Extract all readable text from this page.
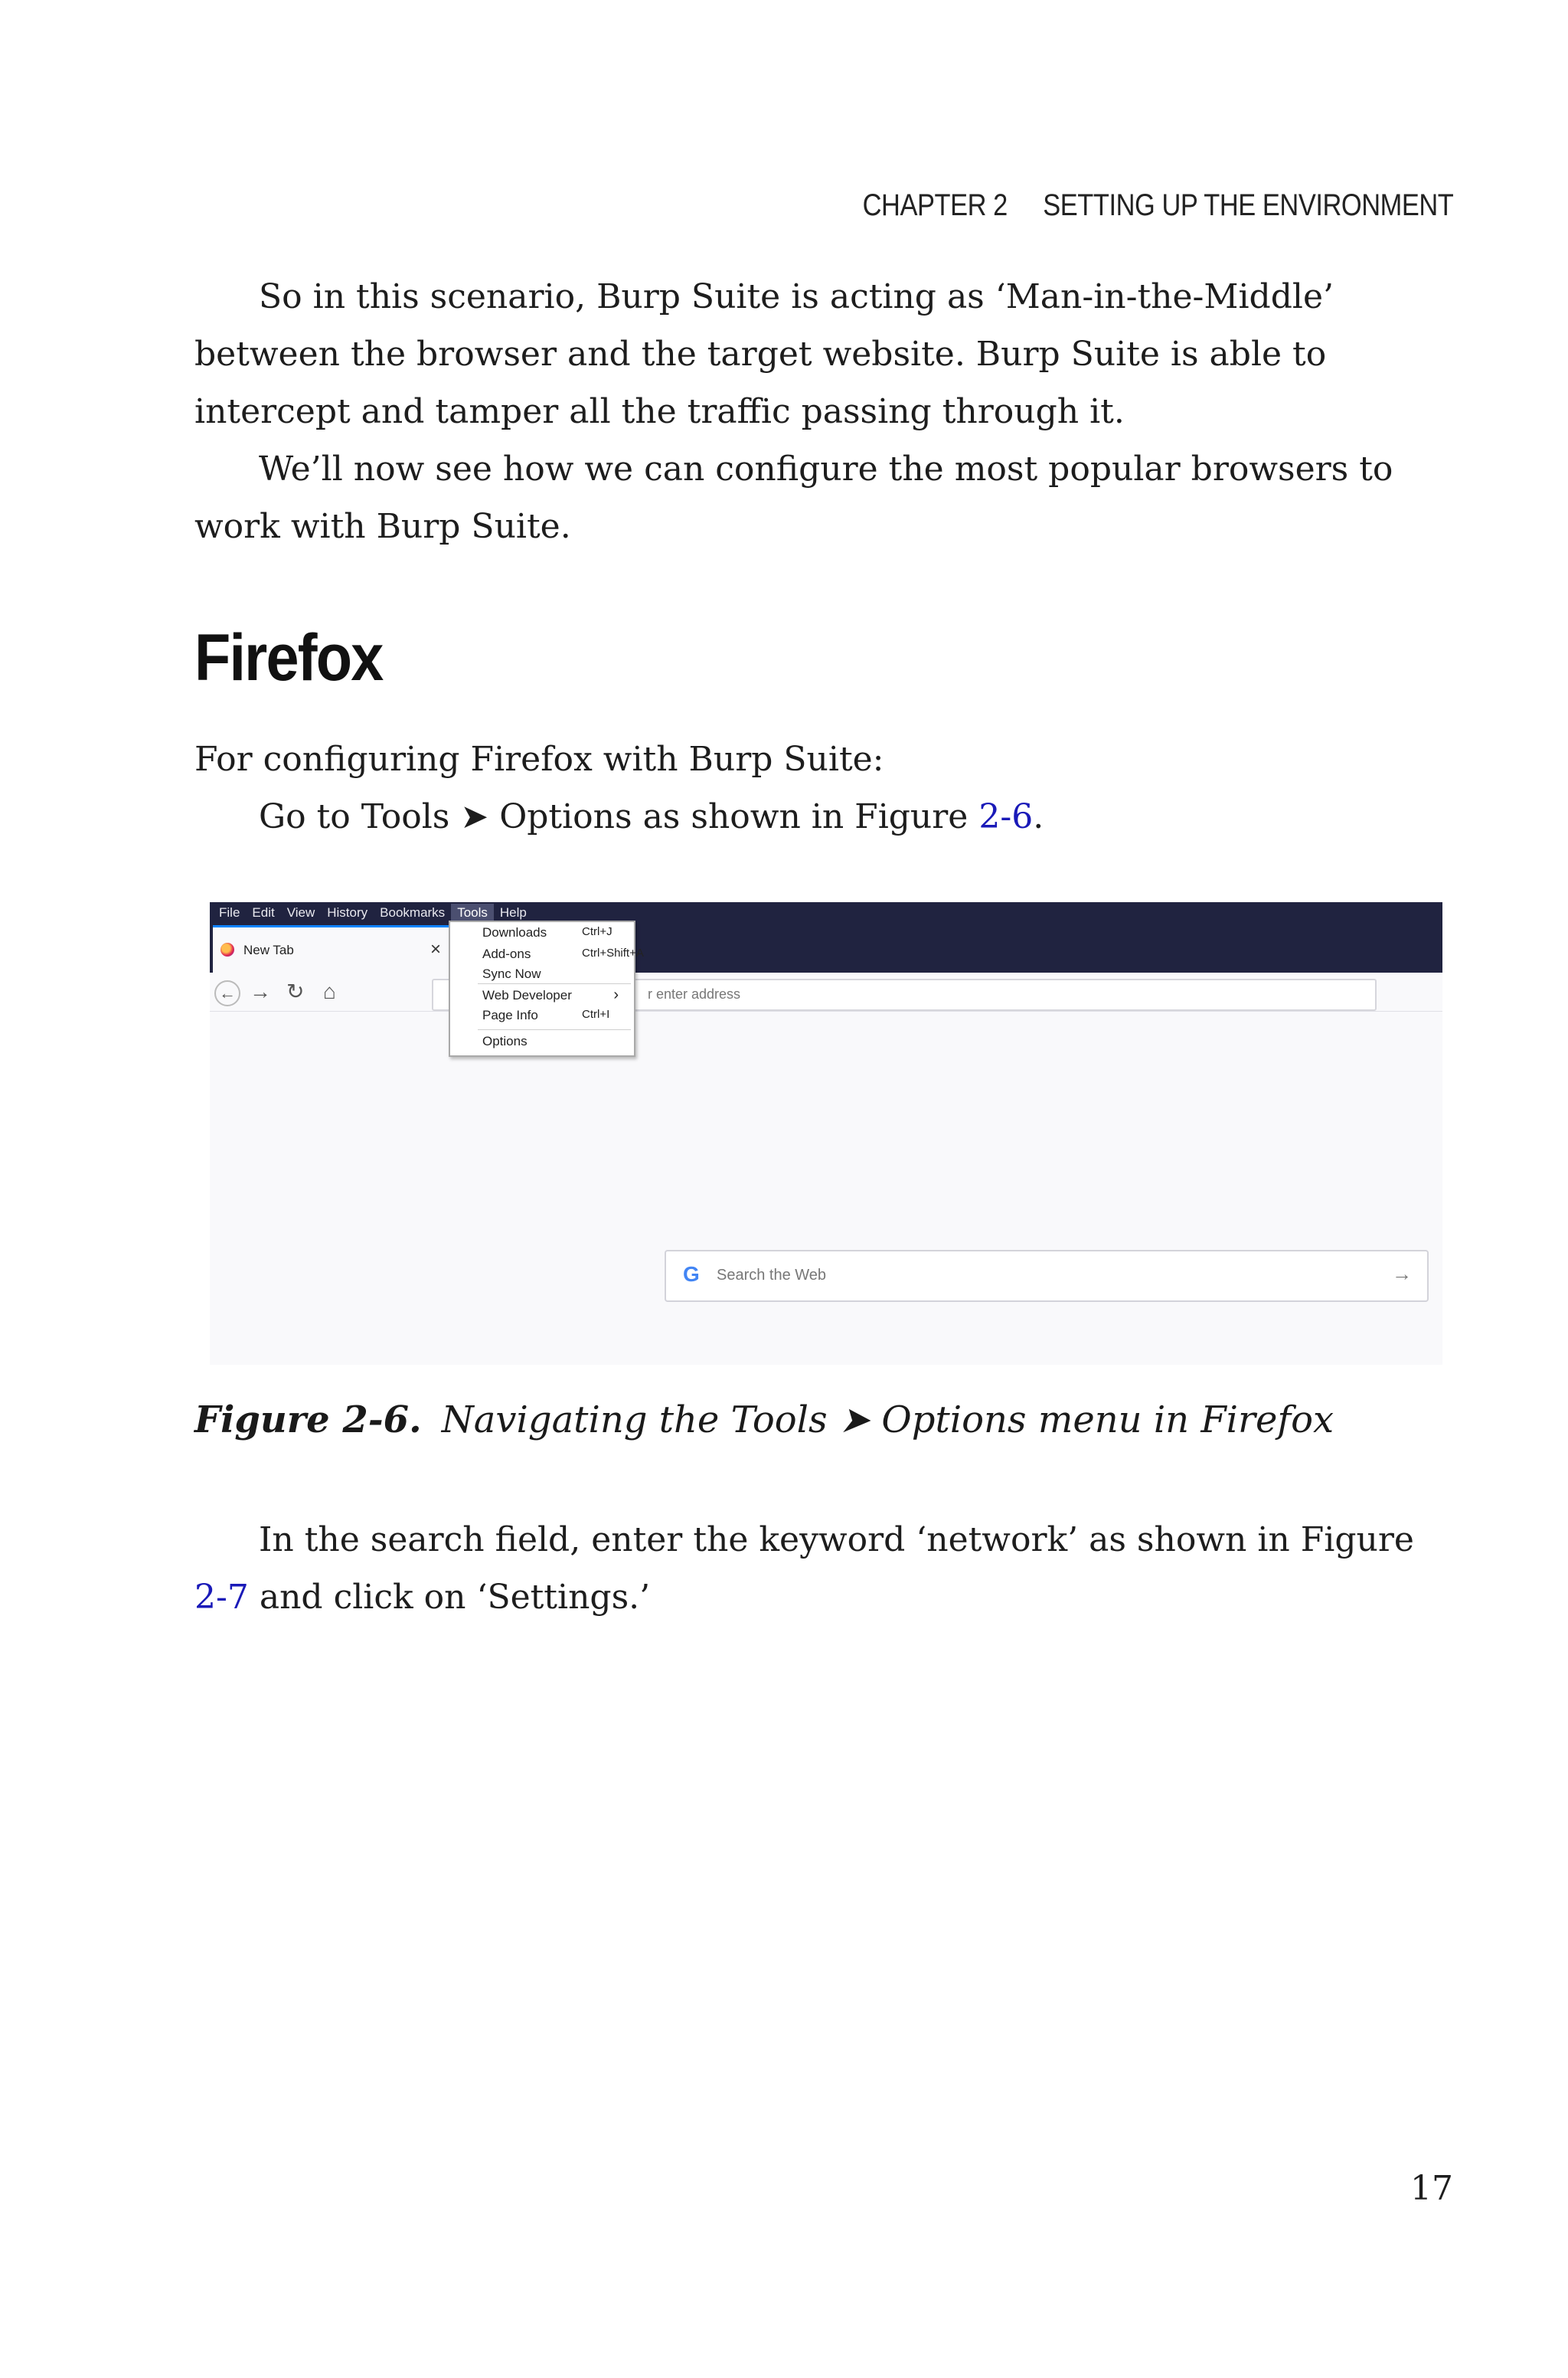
CHAPTER 2 SETTING UP THE ENVIRONMENT

So in this scenario, Burp Suite is acting as ‘Man-in-the-Middle’ between the browser and the target website. Burp Suite is able to intercept and tamper all the traffic passing through it.

We’ll now see how we can configure the most popular browsers to work with Burp Suite.

Firefox

For configuring Firefox with Burp Suite:

Go to Tools ➤ Options as shown in Figure 2-6.

File Edit View History Bookmarks Tools Help
New Tab	×
← → ↻ ⌂	r enter address
G Search the Web	→
Downloads	Ctrl+J
Add-ons	Ctrl+Shift+A
Sync Now
Web Developer	›
Page Info	Ctrl+I
Options

Figure 2-6. Navigating the Tools ➤ Options menu in Firefox

In the search field, enter the keyword ‘network’ as shown in Figure 2-7 and click on ‘Settings.’

17
